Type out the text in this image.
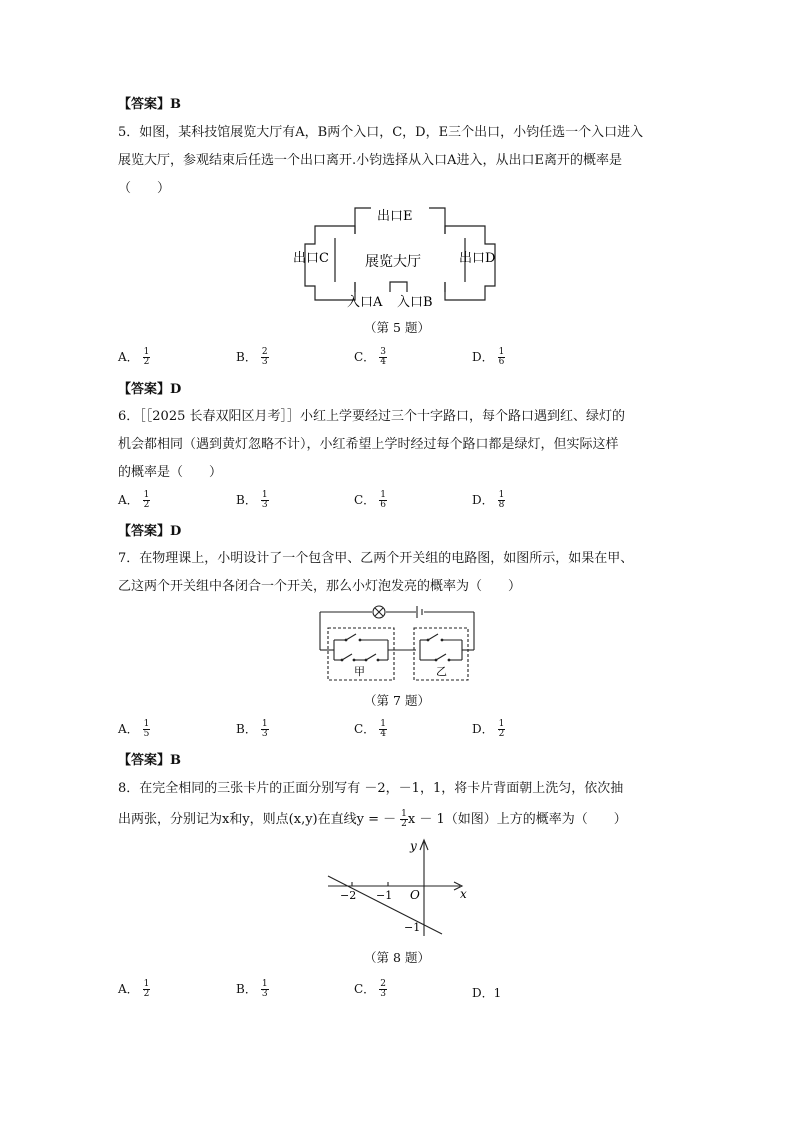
【答案】B
5．如图，某科技馆展览大厅有A，B两个入口，C，D，E三个出口，小钧任选一个入口进入
展览大厅，参观结束后任选一个出口离开.小钧选择从入口A进入，从出口E离开的概率是
（　　）
出口E
出口C	出口D
展览大厅
入口A 入口B
（第 5 题）
A． $\frac{1}{2}$	B． $\frac{2}{3}$	C． $\frac{3}{4}$	D． $\frac{1}{6}$
【答案】D
6．［［2025 长春双阳区月考］］小红上学要经过三个十字路口，每个路口遇到红、绿灯的
机会都相同（遇到黄灯忽略不计），小红希望上学时经过每个路口都是绿灯，但实际这样
的概率是（　　）
A． $\frac{1}{2}$	B． $\frac{1}{3}$	C． $\frac{1}{6}$	D． $\frac{1}{8}$
【答案】D
7．在物理课上，小明设计了一个包含甲、乙两个开关组的电路图，如图所示，如果在甲、
乙这两个开关组中各闭合一个开关，那么小灯泡发亮的概率为（　　）
甲	乙
（第 7 题）
A． $\frac{1}{5}$	B． $\frac{1}{3}$	C． $\frac{1}{4}$	D． $\frac{1}{2}$
【答案】B
8．在完全相同的三张卡片的正面分别写有 －2，－1，1，将卡片背面朝上洗匀，依次抽
出两张，分别记为x和y，则点(x,y)在直线y = － $\frac{1}{2}$ x － 1（如图）上方的概率为（　　）
y
x
O
−2 −1
−1
（第 8 题）
A． $\frac{1}{2}$	B． $\frac{1}{3}$	C． $\frac{2}{3}$	D．1
